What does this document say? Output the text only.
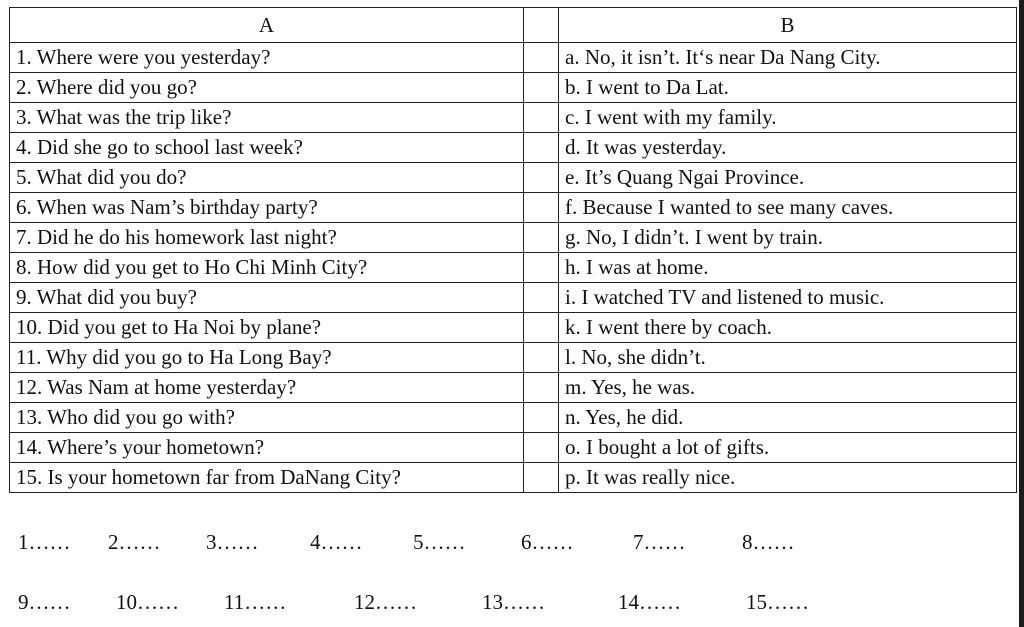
A		B
1. Where were you yesterday?		a. No, it isn’t. It‘s near Da Nang City.
2. Where did you go?		b. I went to Da Lat.
3. What was the trip like?		c. I went with my family.
4. Did she go to school last week?		d. It was yesterday.
5. What did you do?		e. It’s Quang Ngai Province.
6. When was Nam’s birthday party?		f. Because I wanted to see many caves.
7. Did he do his homework last night?		g. No, I didn’t. I went by train.
8. How did you get to Ho Chi Minh City?		h. I was at home.
9. What did you buy?		i. I watched TV and listened to music.
10. Did you get to Ha Noi by plane?		k. I went there by coach.
11. Why did you go to Ha Long Bay?		l. No, she didn’t.
12. Was Nam at home yesterday?		m. Yes, he was.
13. Who did you go with?		n. Yes, he did.
14. Where’s your hometown?		o. I bought a lot of gifts.
15. Is your hometown far from DaNang City?		p. It was really nice.
1…… 2…… 3…… 4…… 5……	6……	7……	8……
9…… 10…… 11……	12……	13……	14……	15……
